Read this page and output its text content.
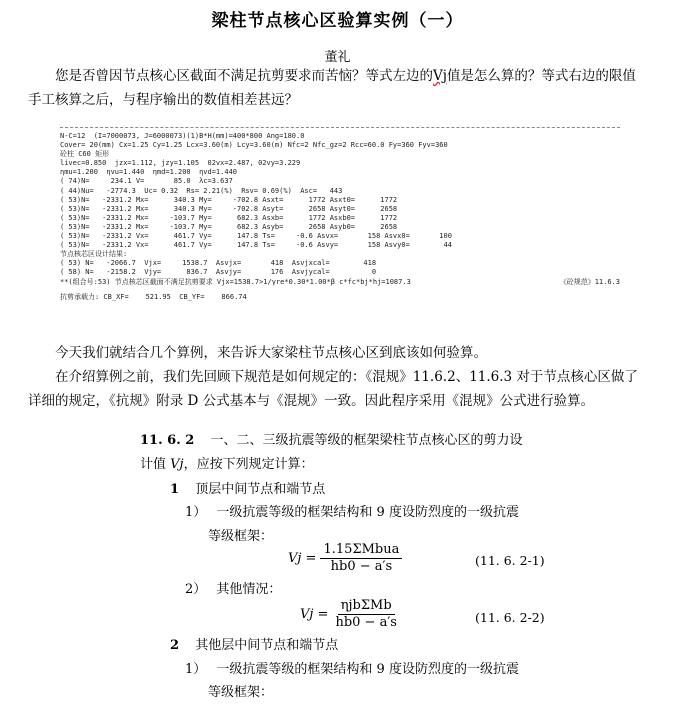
梁柱节点核心区验算实例（一）
董礼

您是否曾因节点核心区截面不满足抗剪要求而苦恼？等式左边的Vj值是怎么算的？等式右边的限值手工核算之后，与程序输出的数值相差甚远？

N-C=12  (I=7000073, J=6000073)(1)B*H(mm)=400*800 Ang=180.0
Cover= 20(mm) Cx=1.25 Cy=1.25 Lcx=3.60(m) Lcy=3.60(m) Nfc=2 Nfc_gz=2 Rcc=60.0 Fy=360 Fyv=360
砼柱 C60 矩形
livec=0.850  jzx=1.112, jzy=1.105  02vx=2.487, 02vy=3.229
ηmu=1.200  ηvu=1.440  ηmd=1.200  ηvd=1.440
( 74)N=     234.1 V=       85.0  λc=3.637
( 44)Nu=   -2774.3  Uc= 0.32  Rs= 2.21(%)  Rsv= 0.69(%)  Asc=   443
( 53)N=   -2331.2 Mx=      340.3 My=     -702.8 Asxt=      1772 Asxt0=      1772
( 53)N=   -2331.2 Mx=      340.3 My=     -702.8 Asyt=      2658 Asyt0=      2658
( 53)N=   -2331.2 Mx=     -103.7 My=      682.3 Asxb=      1772 Asxb0=      1772
( 53)N=   -2331.2 Mx=     -103.7 My=      682.3 Asyb=      2658 Asyb0=      2658
( 53)N=   -2331.2 Vx=      461.7 Vy=      147.8 Ts=     -0.6 Asvx=       158 Asvx0=       100
( 53)N=   -2331.2 Vx=      461.7 Vy=      147.8 Ts=     -0.6 Asvy=       158 Asvy0=        44
节点核芯区设计结果:
( 53) N=   -2066.7  Vjx=     1538.7  Asvjx=       418  Asvjxcal=        418
( 58) N=   -2158.2  Vjy=      836.7  Asvjy=       176  Asvjycal=          0
**(组合号:53) 节点核芯区截面不满足抗剪要求 Vjx=1538.7>1/γre*0.30*1.00*β c*fc*bj*hj=1087.3	《砼规范》11.6.3
抗剪承载力: CB_XF=    521.95  CB_YF=    866.74

今天我们就结合几个算例，来告诉大家梁柱节点核心区到底该如何验算。

在介绍算例之前，我们先回顾下规范是如何规定的：《混规》11.6.2、11.6.3 对于节点核心区做了详细的规定，《抗规》附录 D 公式基本与《混规》一致。因此程序采用《混规》公式进行验算。

11. 6. 2 一、二、三级抗震等级的框架梁柱节点核心区的剪力设
计值 Vj，应按下列规定计算：
1 顶层中间节点和端节点
1） 一级抗震等级的框架结构和 9 度设防烈度的一级抗震
等级框架：
$Vj = \frac{\text{1.15ΣMbua}}{hb0 - a's}$	(11. 6. 2-1)
2） 其他情况：
$Vj = \frac{\text{ηjbΣMb}}{hb0 - a's}$	(11. 6. 2-2)
2 其他层中间节点和端节点
1） 一级抗震等级的框架结构和 9 度设防烈度的一级抗震
等级框架：
